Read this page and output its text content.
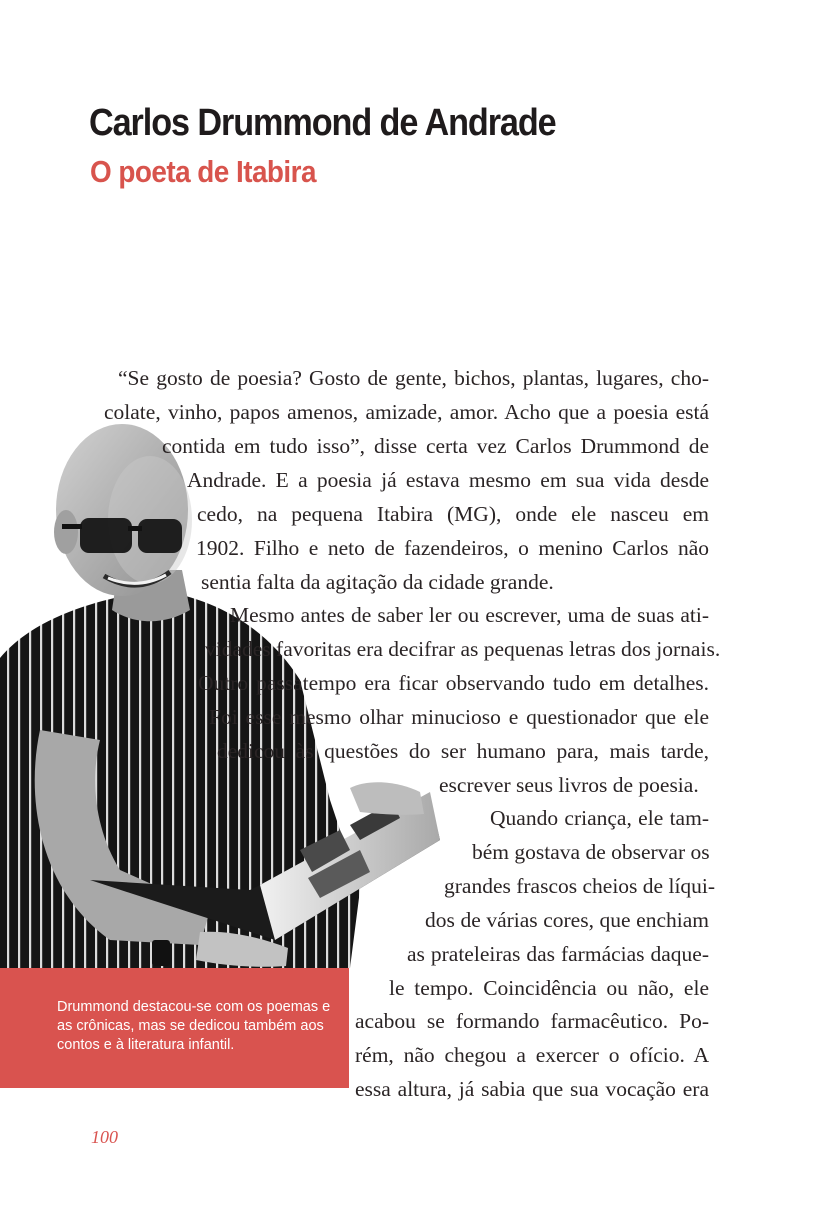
Carlos Drummond de Andrade
O poeta de Itabira
“Se gosto de poesia? Gosto de gente, bichos, plantas, lugares, cho-
colate, vinho, papos amenos, amizade, amor. Acho que a poesia está
contida em tudo isso”, disse certa vez Carlos Drummond de
Andrade. E a poesia já estava mesmo em sua vida desde
cedo, na pequena Itabira (MG), onde ele nasceu em
1902. Filho e neto de fazendeiros, o menino Carlos não
sentia falta da agitação da cidade grande.
Mesmo antes de saber ler ou escrever, uma de suas ati-
vidades favoritas era decifrar as pequenas letras dos jornais.
Outro passatempo era ficar observando tudo em detalhes.
Foi esse mesmo olhar minucioso e questionador que ele
dedicou às questões do ser humano para, mais tarde,
escrever seus livros de poesia.
Quando criança, ele tam-
bém gostava de observar os
grandes frascos cheios de líqui-
dos de várias cores, que enchiam
as prateleiras das farmácias daque-
le tempo. Coincidência ou não, ele
acabou se formando farmacêutico. Po-
rém, não chegou a exercer o ofício. A
essa altura, já sabia que sua vocação era

Drummond destacou-se com os poemas e as crônicas, mas se dedicou também aos contos e à literatura infantil.

100
